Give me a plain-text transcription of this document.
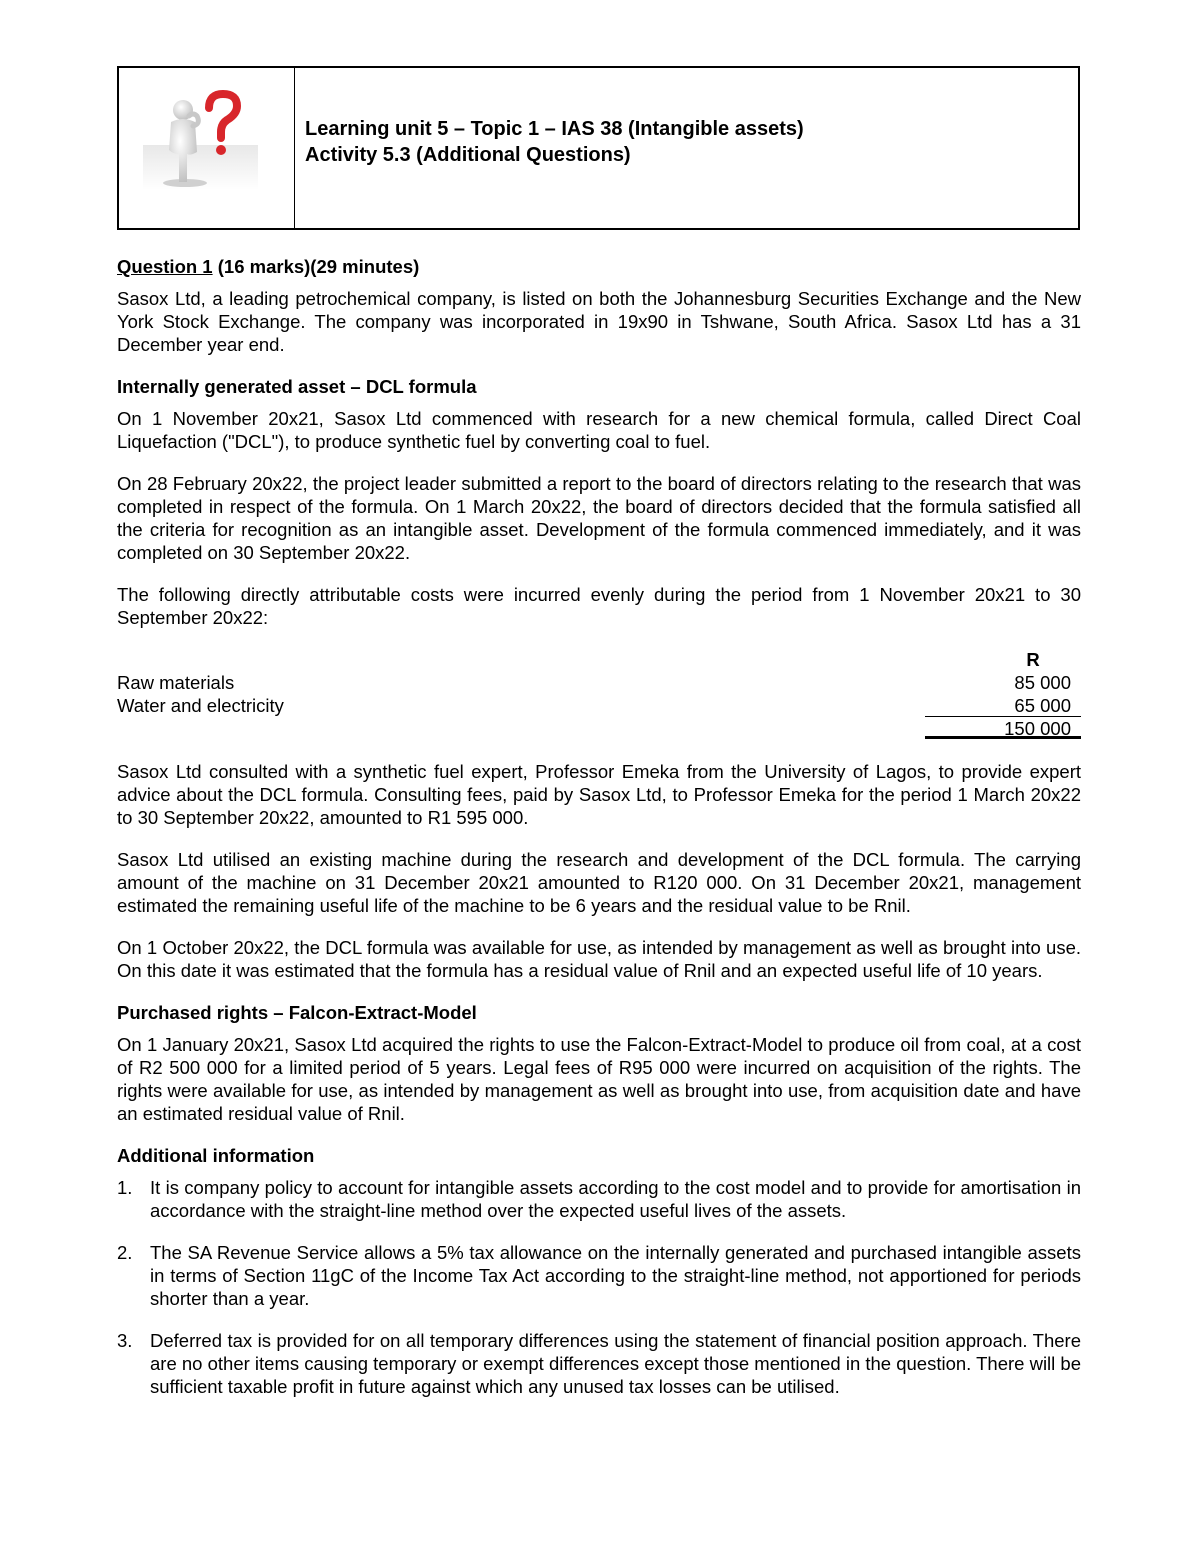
Learning unit 5 – Topic 1 – IAS 38 (Intangible assets)
Activity 5.3 (Additional Questions)

Question 1 (16 marks)(29 minutes)

Sasox Ltd, a leading petrochemical company, is listed on both the Johannesburg Securities Exchange and the New York Stock Exchange. The company was incorporated in 19x90 in Tshwane, South Africa. Sasox Ltd has a 31 December year end.

Internally generated asset – DCL formula

On 1 November 20x21, Sasox Ltd commenced with research for a new chemical formula, called Direct Coal Liquefaction ("DCL"), to produce synthetic fuel by converting coal to fuel.

On 28 February 20x22, the project leader submitted a report to the board of directors relating to the research that was completed in respect of the formula. On 1 March 20x22, the board of directors decided that the formula satisfied all the criteria for recognition as an intangible asset. Development of the formula commenced immediately, and it was completed on 30 September 20x22.

The following directly attributable costs were incurred evenly during the period from 1 November 20x21 to 30 September 20x22:

R
Raw materials	85 000
Water and electricity	65 000
150 000

Sasox Ltd consulted with a synthetic fuel expert, Professor Emeka from the University of Lagos, to provide expert advice about the DCL formula. Consulting fees, paid by Sasox Ltd, to Professor Emeka for the period 1 March 20x22 to 30 September 20x22, amounted to R1 595 000.

Sasox Ltd utilised an existing machine during the research and development of the DCL formula. The carrying amount of the machine on 31 December 20x21 amounted to R120 000. On 31 December 20x21, management estimated the remaining useful life of the machine to be 6 years and the residual value to be Rnil.

On 1 October 20x22, the DCL formula was available for use, as intended by management as well as brought into use. On this date it was estimated that the formula has a residual value of Rnil and an expected useful life of 10 years.

Purchased rights – Falcon-Extract-Model

On 1 January 20x21, Sasox Ltd acquired the rights to use the Falcon-Extract-Model to produce oil from coal, at a cost of R2 500 000 for a limited period of 5 years. Legal fees of R95 000 were incurred on acquisition of the rights. The rights were available for use, as intended by management as well as brought into use, from acquisition date and have an estimated residual value of Rnil.

Additional information

1. It is company policy to account for intangible assets according to the cost model and to provide for amortisation in accordance with the straight-line method over the expected useful lives of the assets.
2. The SA Revenue Service allows a 5% tax allowance on the internally generated and purchased intangible assets in terms of Section 11gC of the Income Tax Act according to the straight-line method, not apportioned for periods shorter than a year.
3. Deferred tax is provided for on all temporary differences using the statement of financial position approach. There are no other items causing temporary or exempt differences except those mentioned in the question. There will be sufficient taxable profit in future against which any unused tax losses can be utilised.
